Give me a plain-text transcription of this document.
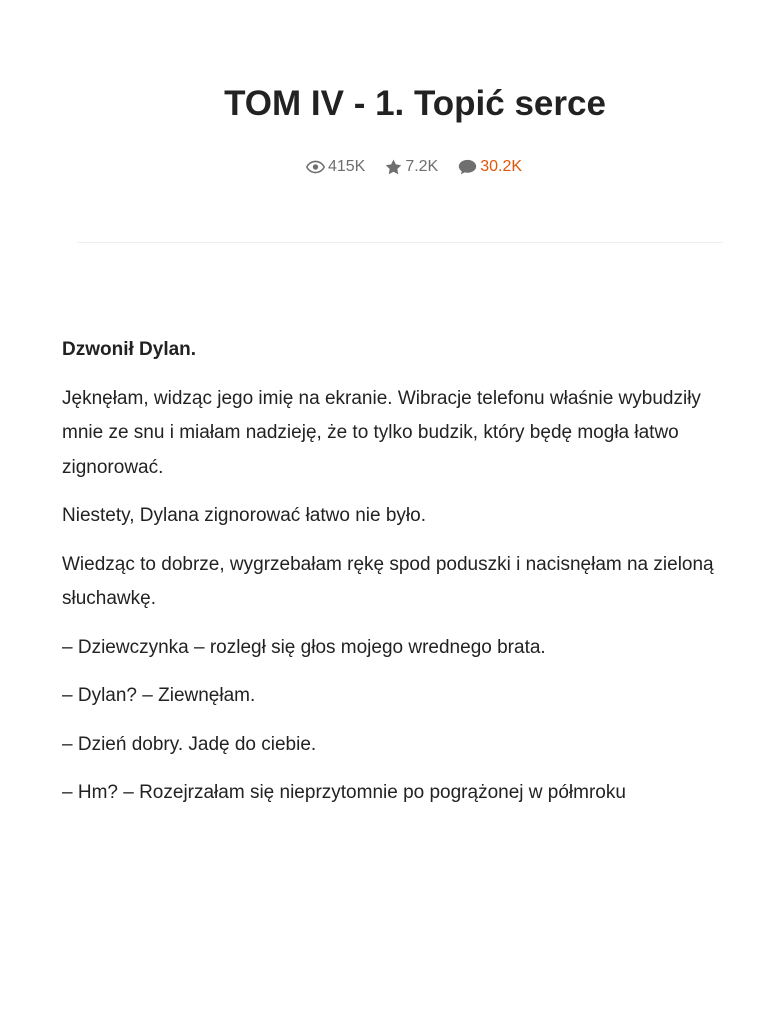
TOM IV - 1. Topić serce
415K	7.2K	30.2K

Dzwonił Dylan.

Jęknęłam, widząc jego imię na ekranie. Wibracje telefonu właśnie wybudziły mnie ze snu i miałam nadzieję, że to tylko budzik, który będę mogła łatwo zignorować.

Niestety, Dylana zignorować łatwo nie było.

Wiedząc to dobrze, wygrzebałam rękę spod poduszki i nacisnęłam na zieloną słuchawkę.

– Dziewczynka – rozległ się głos mojego wrednego brata.

– Dylan? – Ziewnęłam.

– Dzień dobry. Jadę do ciebie.

– Hm? – Rozejrzałam się nieprzytomnie po pogrążonej w półmroku
